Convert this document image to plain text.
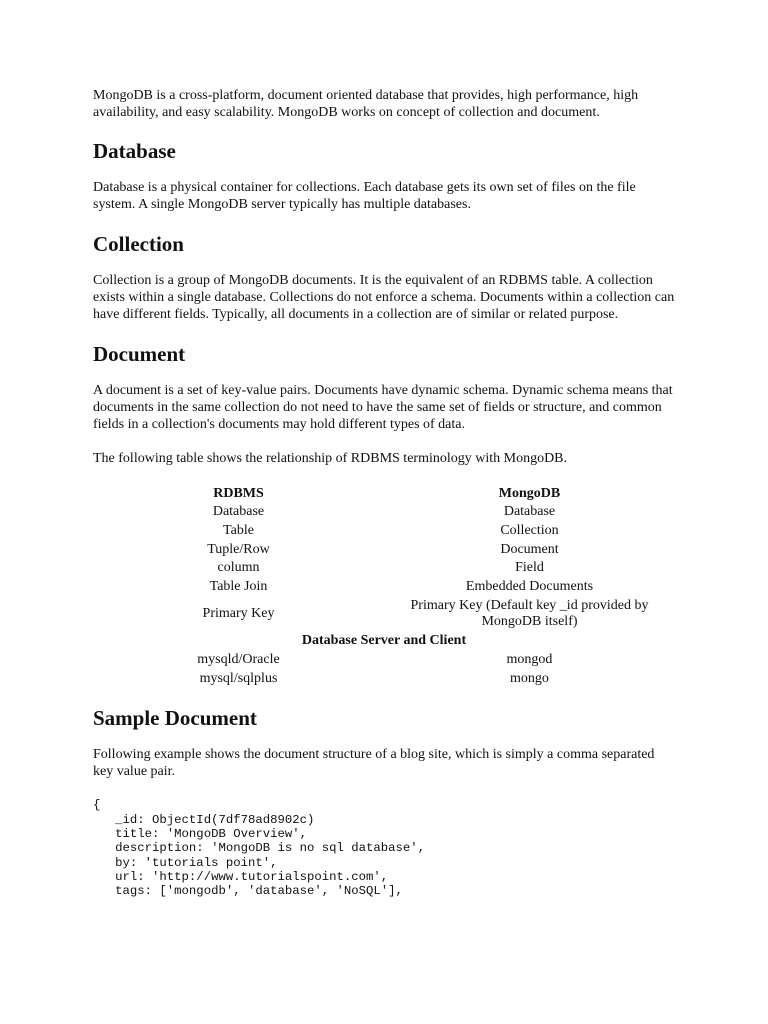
MongoDB is a cross-platform, document oriented database that provides, high performance, high availability, and easy scalability. MongoDB works on concept of collection and document.

Database

Database is a physical container for collections. Each database gets its own set of files on the file system. A single MongoDB server typically has multiple databases.

Collection

Collection is a group of MongoDB documents. It is the equivalent of an RDBMS table. A collection exists within a single database. Collections do not enforce a schema. Documents within a collection can have different fields. Typically, all documents in a collection are of similar or related purpose.

Document

A document is a set of key-value pairs. Documents have dynamic schema. Dynamic schema means that documents in the same collection do not need to have the same set of fields or structure, and common fields in a collection's documents may hold different types of data.

The following table shows the relationship of RDBMS terminology with MongoDB.

RDBMS	MongoDB
Database	Database
Table	Collection
Tuple/Row	Document
column	Field
Table Join	Embedded Documents
Primary Key	Primary Key (Default key _id provided by MongoDB itself)
Database Server and Client	
mysqld/Oracle	mongod
mysql/sqlplus	mongo
Sample Document

Following example shows the document structure of a blog site, which is simply a comma separated key value pair.

{
_id: ObjectId(7df78ad8902c)
title: 'MongoDB Overview',
description: 'MongoDB is no sql database',
by: 'tutorials point',
url: 'http://www.tutorialspoint.com',
tags: ['mongodb', 'database', 'NoSQL'],
